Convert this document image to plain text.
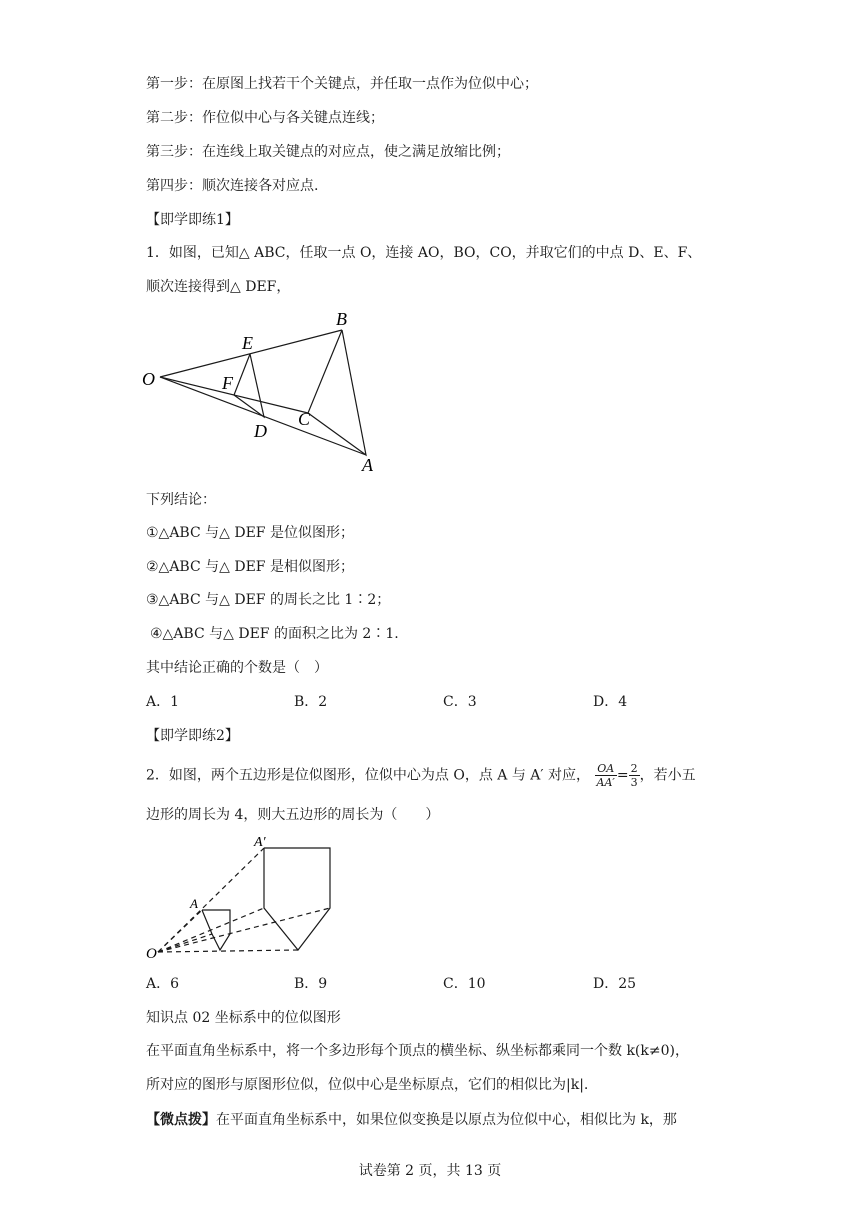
第一步：在原图上找若干个关键点，并任取一点作为位似中心；
第二步：作位似中心与各关键点连线；
第三步：在连线上取关键点的对应点，使之满足放缩比例；
第四步：顺次连接各对应点.
【即学即练1】
1．如图，已知△ ABC，任取一点 O，连接 AO，BO，CO，并取它们的中点 D、E、F、
顺次连接得到△ DEF，
O
E
B
F
C
D
A
下列结论：
①△ABC 与△ DEF 是位似图形；
②△ABC 与△ DEF 是相似图形；
③△ABC 与△ DEF 的周长之比 1∶2；
④△ABC 与△ DEF 的面积之比为 2∶1.
其中结论正确的个数是（　）
A．1	B．2	C．3	D．4
【即学即练2】
2．如图，两个五边形是位似图形，位似中心为点 O，点 A 与 A′ 对应， $\frac{OA}{AA'} = \frac{2}{3}$ ，若小五
边形的周长为 4，则大五边形的周长为（　　）
A′
A
O
A．6	B．9	C．10	D．25
知识点 02 坐标系中的位似图形
在平面直角坐标系中，将一个多边形每个顶点的横坐标、纵坐标都乘同一个数 k(k≠0)，
所对应的图形与原图形位似，位似中心是坐标原点，它们的相似比为|k|.
【微点拨】在平面直角坐标系中，如果位似变换是以原点为位似中心，相似比为 k，那
试卷第 2 页，共 13 页
